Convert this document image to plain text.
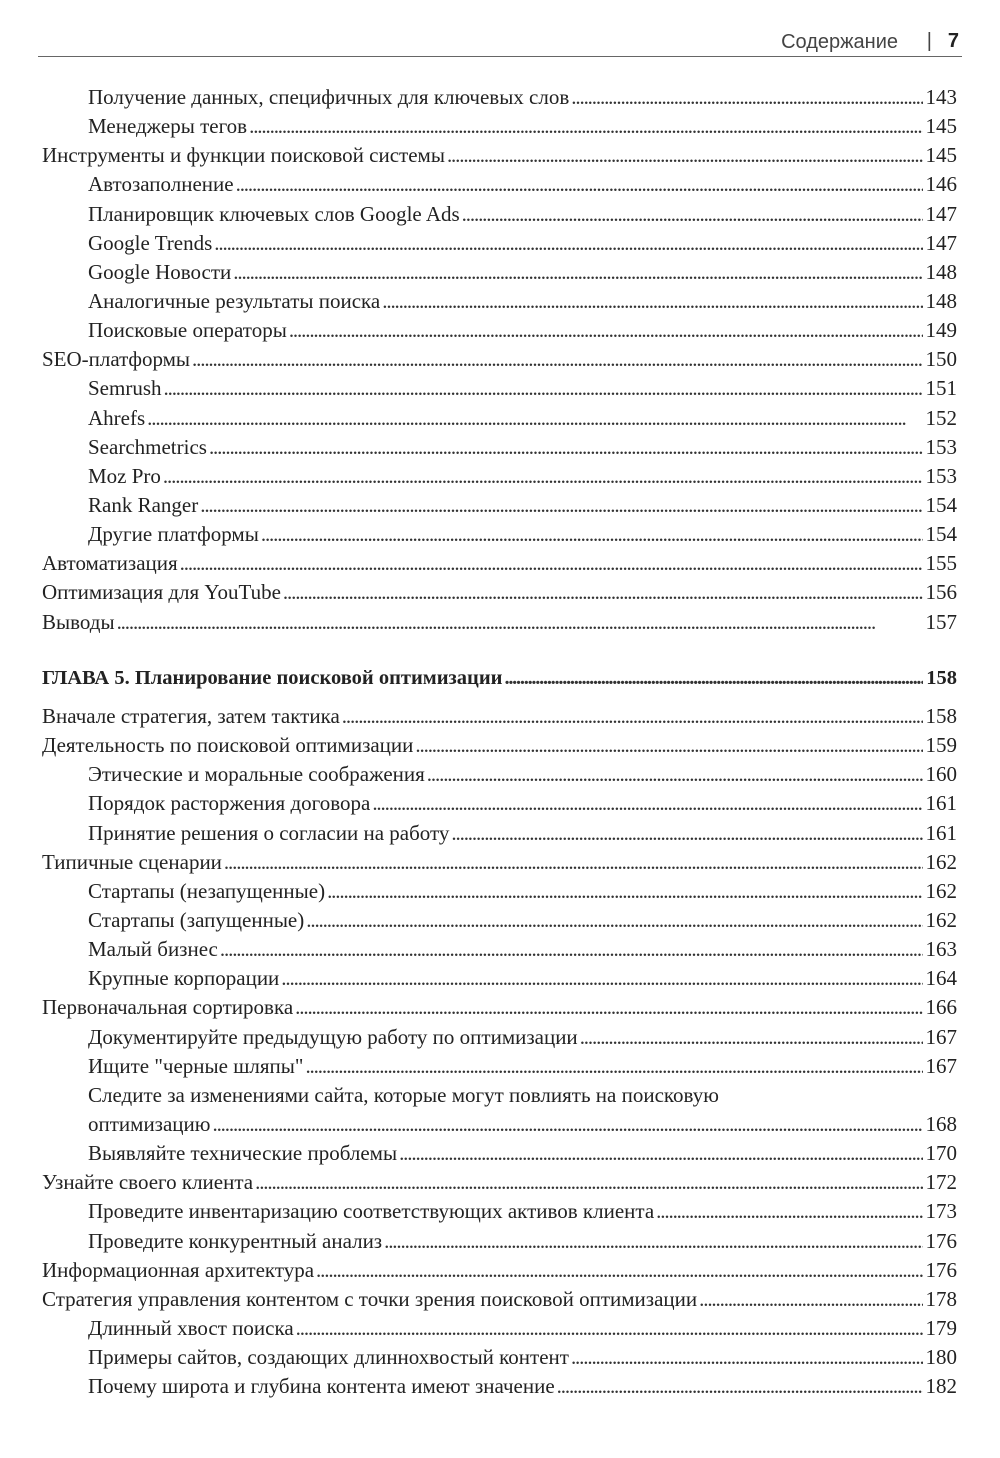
Содержание | 7
Получение данных, специфичных для ключевых слов . . .	143
Менеджеры тегов . . .	145
Инструменты и функции поисковой системы . . .	145
Автозаполнение . . .	146
Планировщик ключевых слов Google Ads . . .	147
Google Trends . . .	147
Google Новости . . .	148
Аналогичные результаты поиска . . .	148
Поисковые операторы . . .	149
SEO-платформы . . .	150
Semrush . . .	151
Ahrefs . . .	152
Searchmetrics . . .	153
Moz Pro . . .	153
Rank Ranger . . .	154
Другие платформы . . .	154
Автоматизация . . .	155
Оптимизация для YouTube . . .	156
Выводы . . .	157
ГЛАВА 5. Планирование поисковой оптимизации . . .	158
Вначале стратегия, затем тактика . . .	158
Деятельность по поисковой оптимизации . . .	159
Этические и моральные соображения . . .	160
Порядок расторжения договора . . .	161
Принятие решения о согласии на работу . . .	161
Типичные сценарии . . .	162
Стартапы (незапущенные) . . .	162
Стартапы (запущенные) . . .	162
Малый бизнес . . .	163
Крупные корпорации . . .	164
Первоначальная сортировка . . .	166
Документируйте предыдущую работу по оптимизации . . .	167
Ищите "черные шляпы" . . .	167
Следите за изменениями сайта, которые могут повлиять на поисковую
оптимизацию . . .	168
Выявляйте технические проблемы . . .	170
Узнайте своего клиента . . .	172
Проведите инвентаризацию соответствующих активов клиента . . .	173
Проведите конкурентный анализ . . .	176
Информационная архитектура . . .	176
Стратегия управления контентом с точки зрения поисковой оптимизации . . .	178
Длинный хвост поиска . . .	179
Примеры сайтов, создающих длиннохвостый контент . . .	180
Почему широта и глубина контента имеют значение . . .	182
